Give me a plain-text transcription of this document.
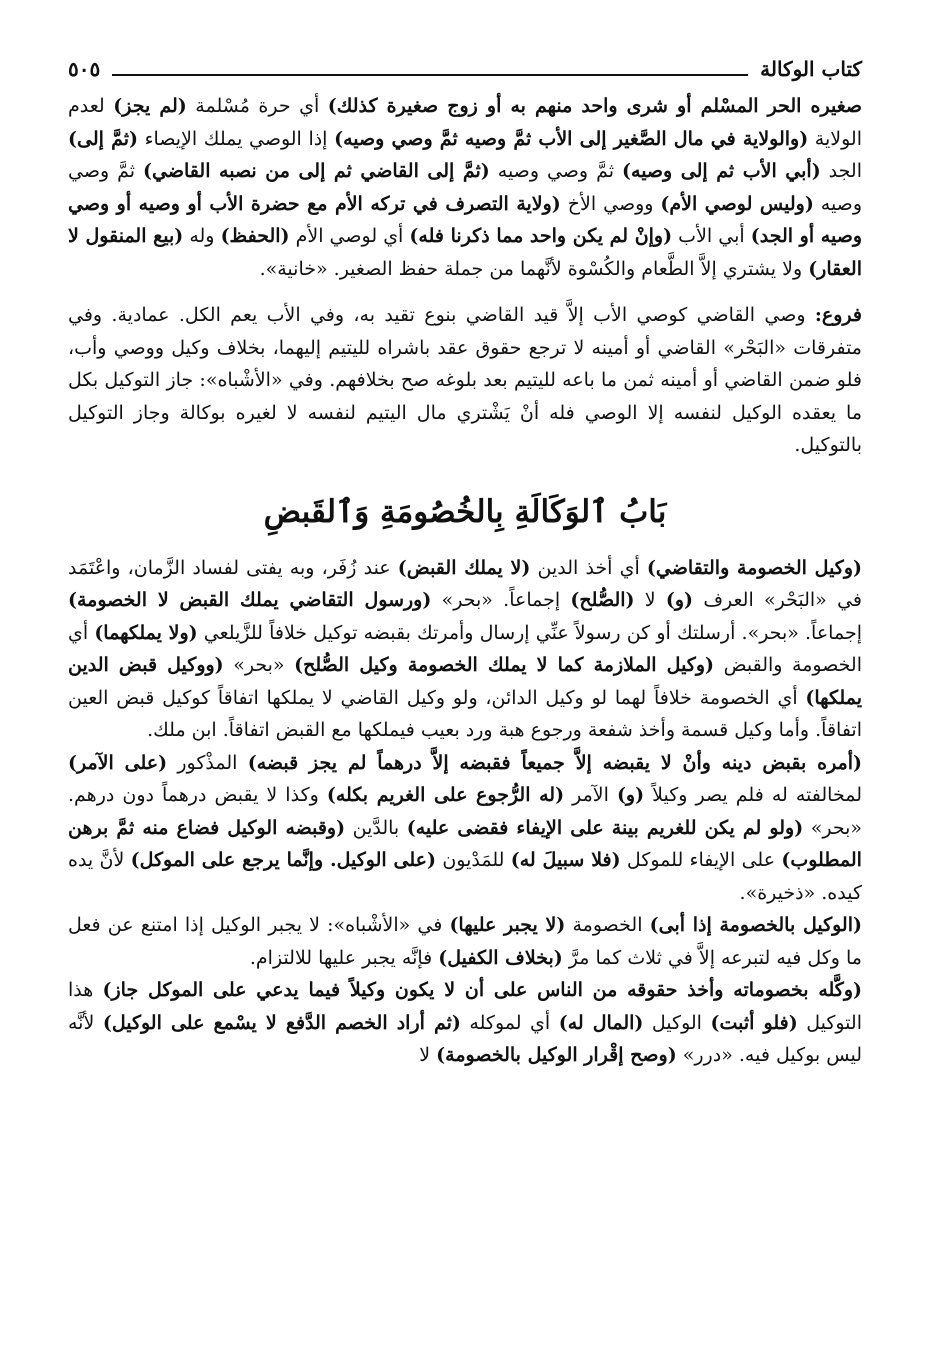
كتاب الوكالة
٥٠٥

صغيره الحر المسْلم أو شرى واحد منهم به أو زوج صغيرة كذلك) أي حرة مُسْلمة (لم يجز) لعدم الولاية (والولاية في مال الصَّغير إلى الأب ثمَّ وصيه ثمَّ وصي وصيه) إذا الوصي يملك الإيصاء (ثمَّ إلى) الجد (أبي الأب ثم إلى وصيه) ثمَّ وصي وصيه (ثمَّ إلى القاضي ثم إلى من نصبه القاضي) ثمَّ وصي وصيه (وليس لوصي الأم) ووصي الأخ (ولاية التصرف في تركه الأم مع حضرة الأب أو وصيه أو وصي وصيه أو الجد) أبي الأب (وإنْ لم يكن واحد مما ذكرنا فله) أي لوصي الأم (الحفظ) وله (بيع المنقول لا العقار) ولا يشتري إلاَّ الطَّعام والكُسْوة لأنَّهما من جملة حفظ الصغير. «خانية».

فروع: وصي القاضي كوصي الأب إلاَّ قيد القاضي بنوع تقيد به، وفي الأب يعم الكل. عمادية. وفي متفرقات «البَحْر» القاضي أو أمينه لا ترجع حقوق عقد باشراه لليتيم إليهما، بخلاف وكيل ووصي وأب، فلو ضمن القاضي أو أمينه ثمن ما باعه لليتيم بعد بلوغه صح بخلافهم. وفي «الأشْباه»: جاز التوكيل بكل ما يعقده الوكيل لنفسه إلا الوصي فله أنْ يَشْتري مال اليتيم لنفسه لا لغيره بوكالة وجاز التوكيل بالتوكيل.

بَابُ ٱلوَكَالَةِ بِالخُصُومَةِ وَٱلقَبضِ

(وكيل الخصومة والتقاضي) أي أخذ الدين (لا يملك القبض) عند زُفَر، وبه يفتى لفساد الزَّمان، واعْتَمَد في «البَحْر» العرف (و) لا (الصُّلح) إجماعاً. «بحر» (ورسول التقاضي يملك القبض لا الخصومة) إجماعاً. «بحر». أرسلتك أو كن رسولاً عنِّي إرسال وأمرتك بقبضه توكيل خلافاً للزَّيلعي (ولا يملكهما) أي الخصومة والقبض (وكيل الملازمة كما لا يملك الخصومة وكيل الصُّلح) «بحر» (ووكيل قبض الدين يملكها) أي الخصومة خلافاً لهما لو وكيل الدائن، ولو وكيل القاضي لا يملكها اتفاقاً كوكيل قبض العين اتفاقاً. وأما وكيل قسمة وأخذ شفعة ورجوع هبة ورد بعيب فيملكها مع القبض اتفاقاً. ابن ملك.

(أمره بقبض دينه وأنْ لا يقبضه إلاَّ جميعاً فقبضه إلاَّ درهماً لم يجز قبضه) المذْكور (على الآمر) لمخالفته له فلم يصر وكيلاً (و) الآمر (له الرُّجوع على الغريم بكله) وكذا لا يقبض درهماً دون درهم. «بحر» (ولو لم يكن للغريم بينة على الإيفاء فقضى عليه) بالدَّين (وقبضه الوكيل فضاع منه ثمَّ برهن المطلوب) على الإيفاء للموكل (فلا سبيلَ له) للمَدْيون (على الوكيل. وإنَّما يرجع على الموكل) لأنَّ يده كيده. «ذخيرة».

(الوكيل بالخصومة إذا أبى) الخصومة (لا يجبر عليها) في «الأشْباه»: لا يجبر الوكيل إذا امتنع عن فعل ما وكل فيه لتبرعه إلاَّ في ثلاث كما مرَّ (بخلاف الكفيل) فإنَّه يجبر عليها للالتزام.

(وكَّله بخصوماته وأخذ حقوقه من الناس على أن لا يكون وكيلاً فيما يدعي على الموكل جاز) هذا التوكيل (فلو أثبت) الوكيل (المال له) أي لموكله (ثم أراد الخصم الدَّفع لا يسْمع على الوكيل) لأنَّه ليس بوكيل فيه. «درر» (وصح إقْرار الوكيل بالخصومة) لا
